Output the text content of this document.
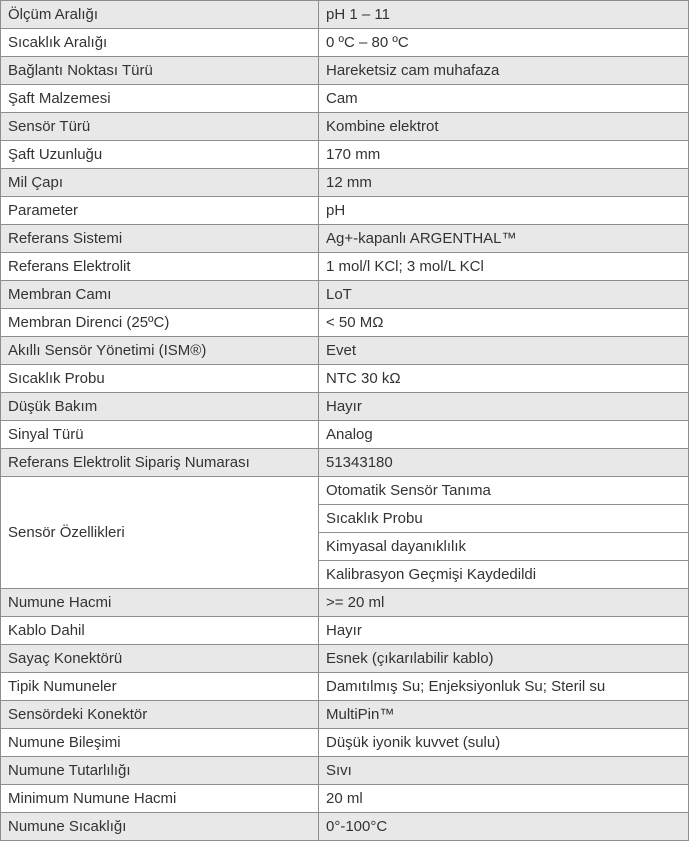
Ölçüm Aralığı	pH 1 – 11
Sıcaklık Aralığı	0 ºC – 80 ºC
Bağlantı Noktası Türü	Hareketsiz cam muhafaza
Şaft Malzemesi	Cam
Sensör Türü	Kombine elektrot
Şaft Uzunluğu	170 mm
Mil Çapı	12 mm
Parameter	pH
Referans Sistemi	Ag+-kapanlı ARGENTHAL™
Referans Elektrolit	1 mol/l KCl; 3 mol/L KCl
Membran Camı	LoT
Membran Direnci (25ºC)	< 50 MΩ
Akıllı Sensör Yönetimi (ISM®)	Evet
Sıcaklık Probu	NTC 30 kΩ
Düşük Bakım	Hayır
Sinyal Türü	Analog
Referans Elektrolit Sipariş Numarası	51343180
Sensör Özellikleri	Otomatik Sensör Tanıma
	Sıcaklık Probu
	Kimyasal dayanıklılık
	Kalibrasyon Geçmişi Kaydedildi
Numune Hacmi	>= 20 ml
Kablo Dahil	Hayır
Sayaç Konektörü	Esnek (çıkarılabilir kablo)
Tipik Numuneler	Damıtılmış Su; Enjeksiyonluk Su; Steril su
Sensördeki Konektör	MultiPin™
Numune Bileşimi	Düşük iyonik kuvvet (sulu)
Numune Tutarlılığı	Sıvı
Minimum Numune Hacmi	20 ml
Numune Sıcaklığı	0°-100°C
